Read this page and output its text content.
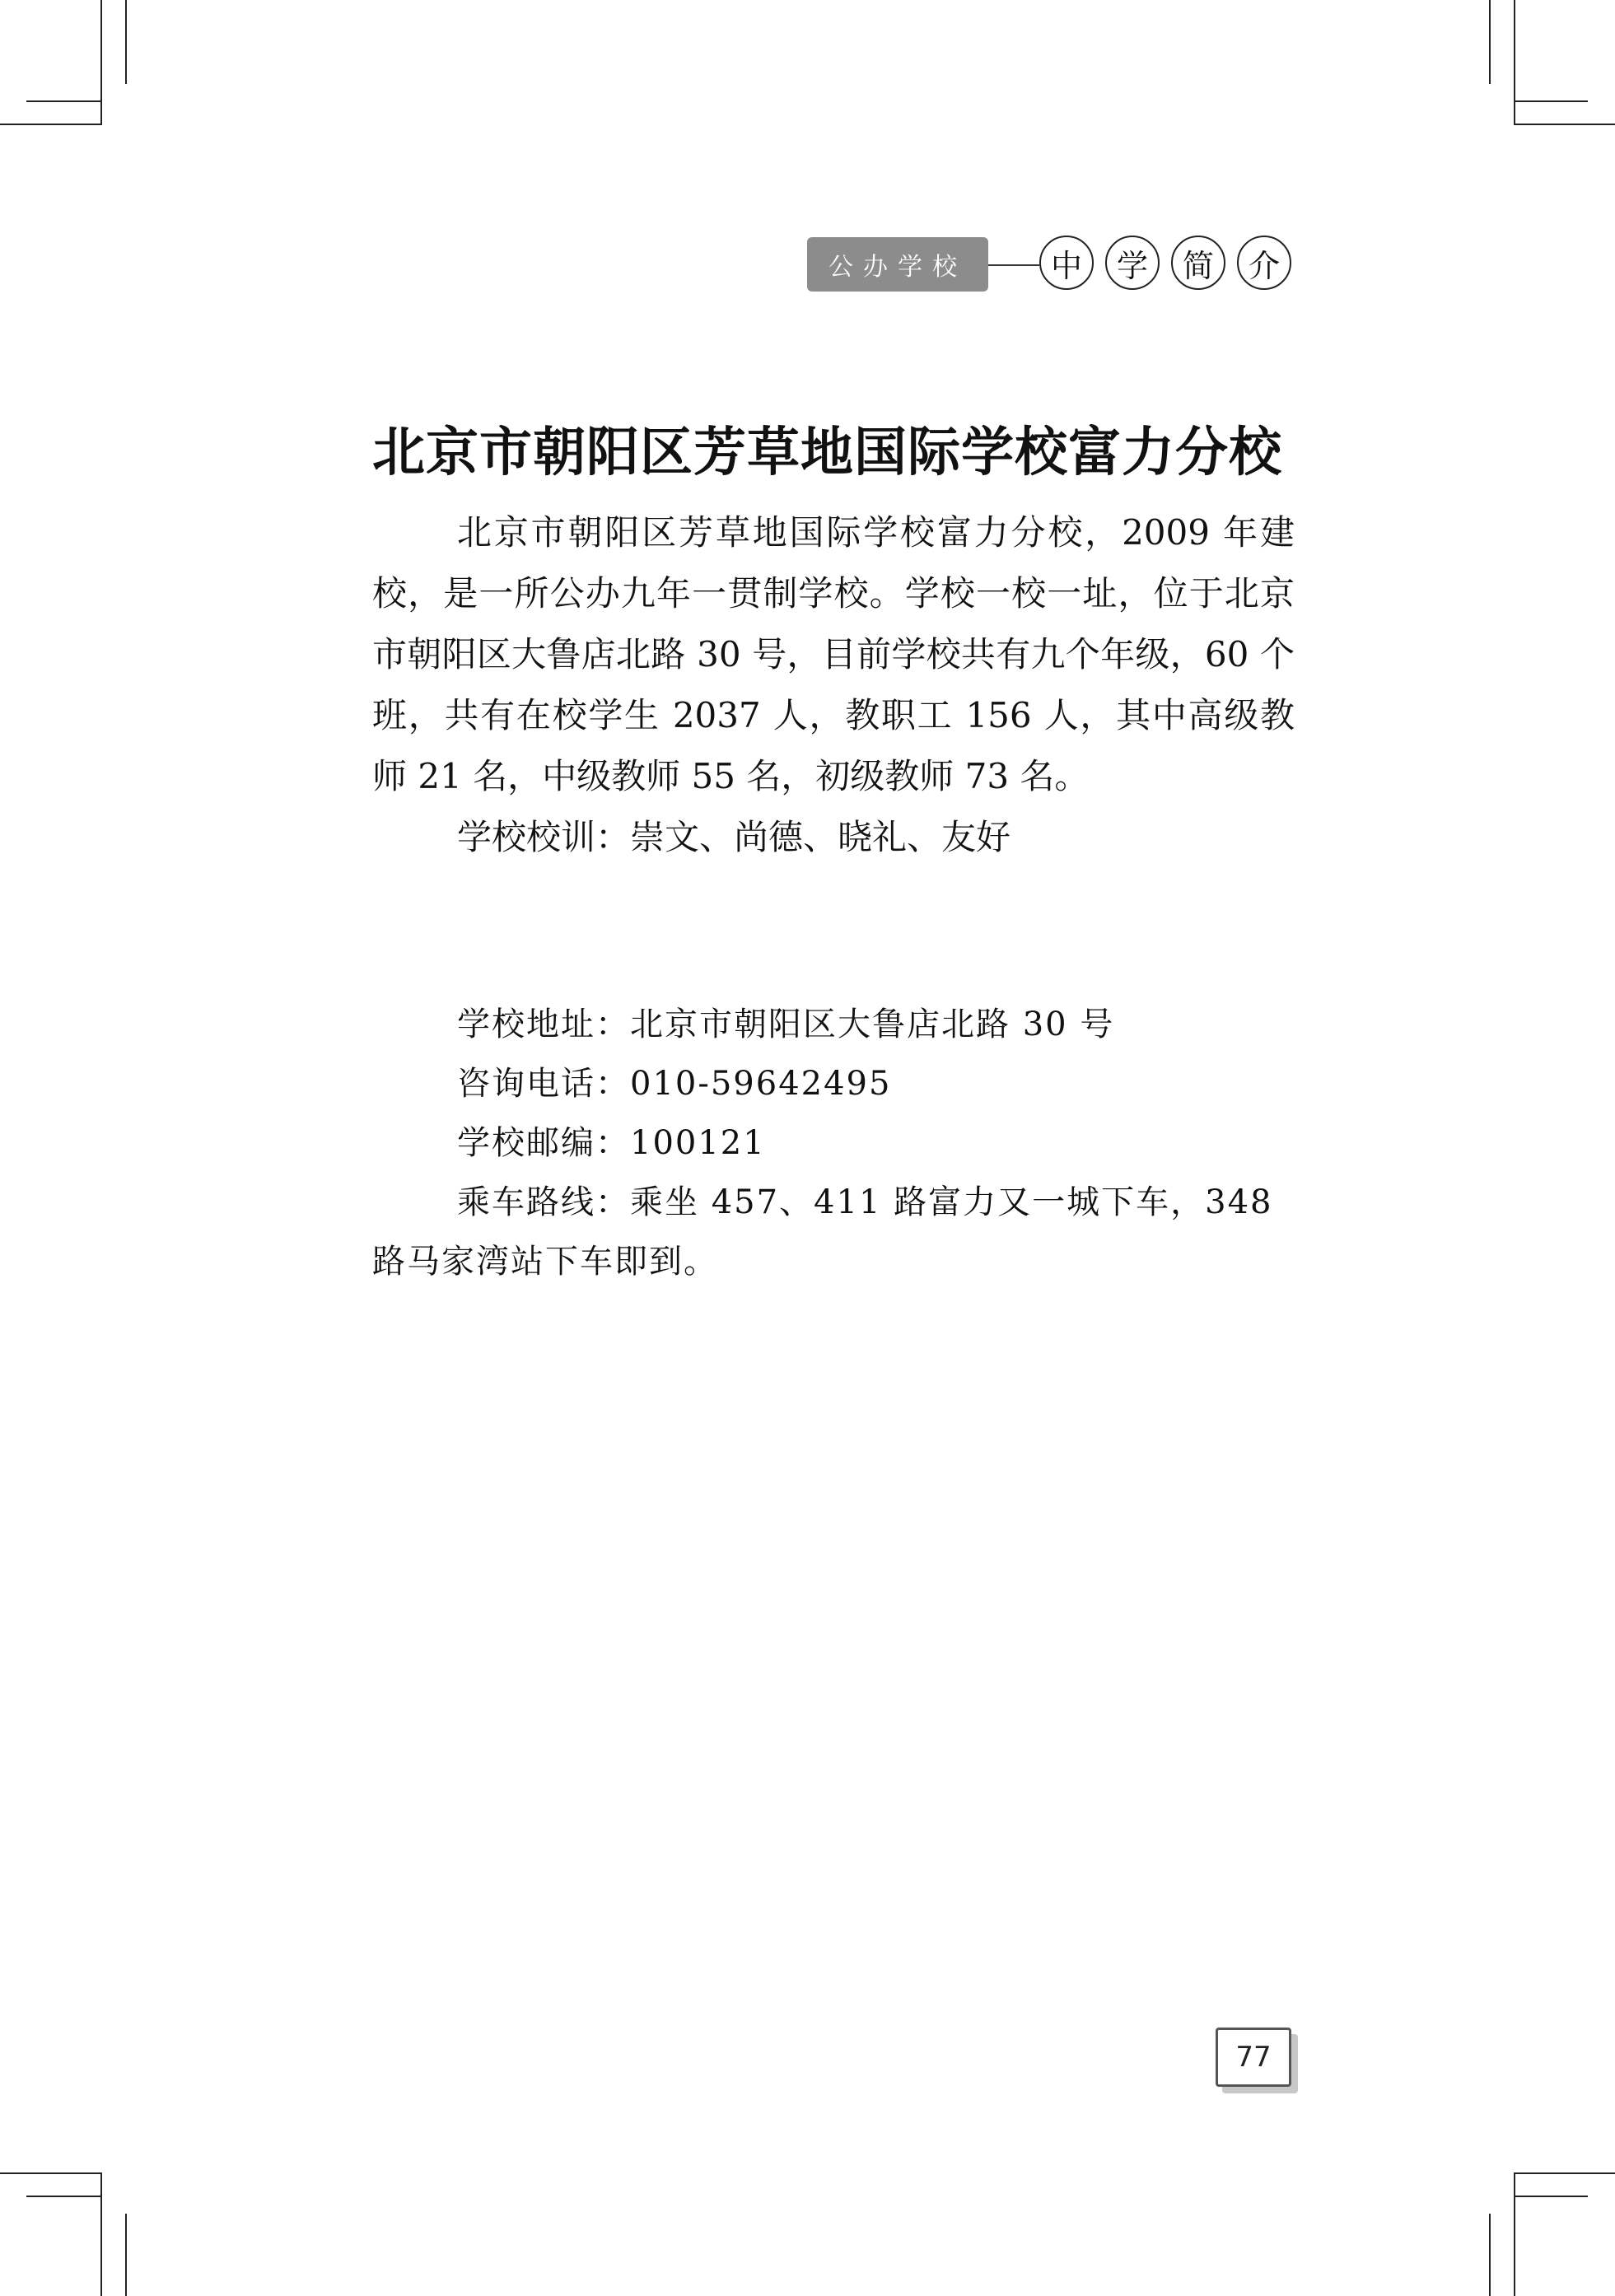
公办学校	中	学	简	介
北京市朝阳区芳草地国际学校富力分校

北京市朝阳区芳草地国际学校富力分校，2009 年建校，是一所公办九年一贯制学校。学校一校一址，位于北京市朝阳区大鲁店北路 30 号，目前学校共有九个年级，60 个班，共有在校学生 2037 人，教职工 156 人，其中高级教师 21 名，中级教师 55 名，初级教师 73 名。

学校校训：崇文、尚德、晓礼、友好

学校地址：北京市朝阳区大鲁店北路 30 号

咨询电话：010-59642495

学校邮编：100121

乘车路线：乘坐 457、411 路富力又一城下车，348 路马家湾站下车即到。

77
